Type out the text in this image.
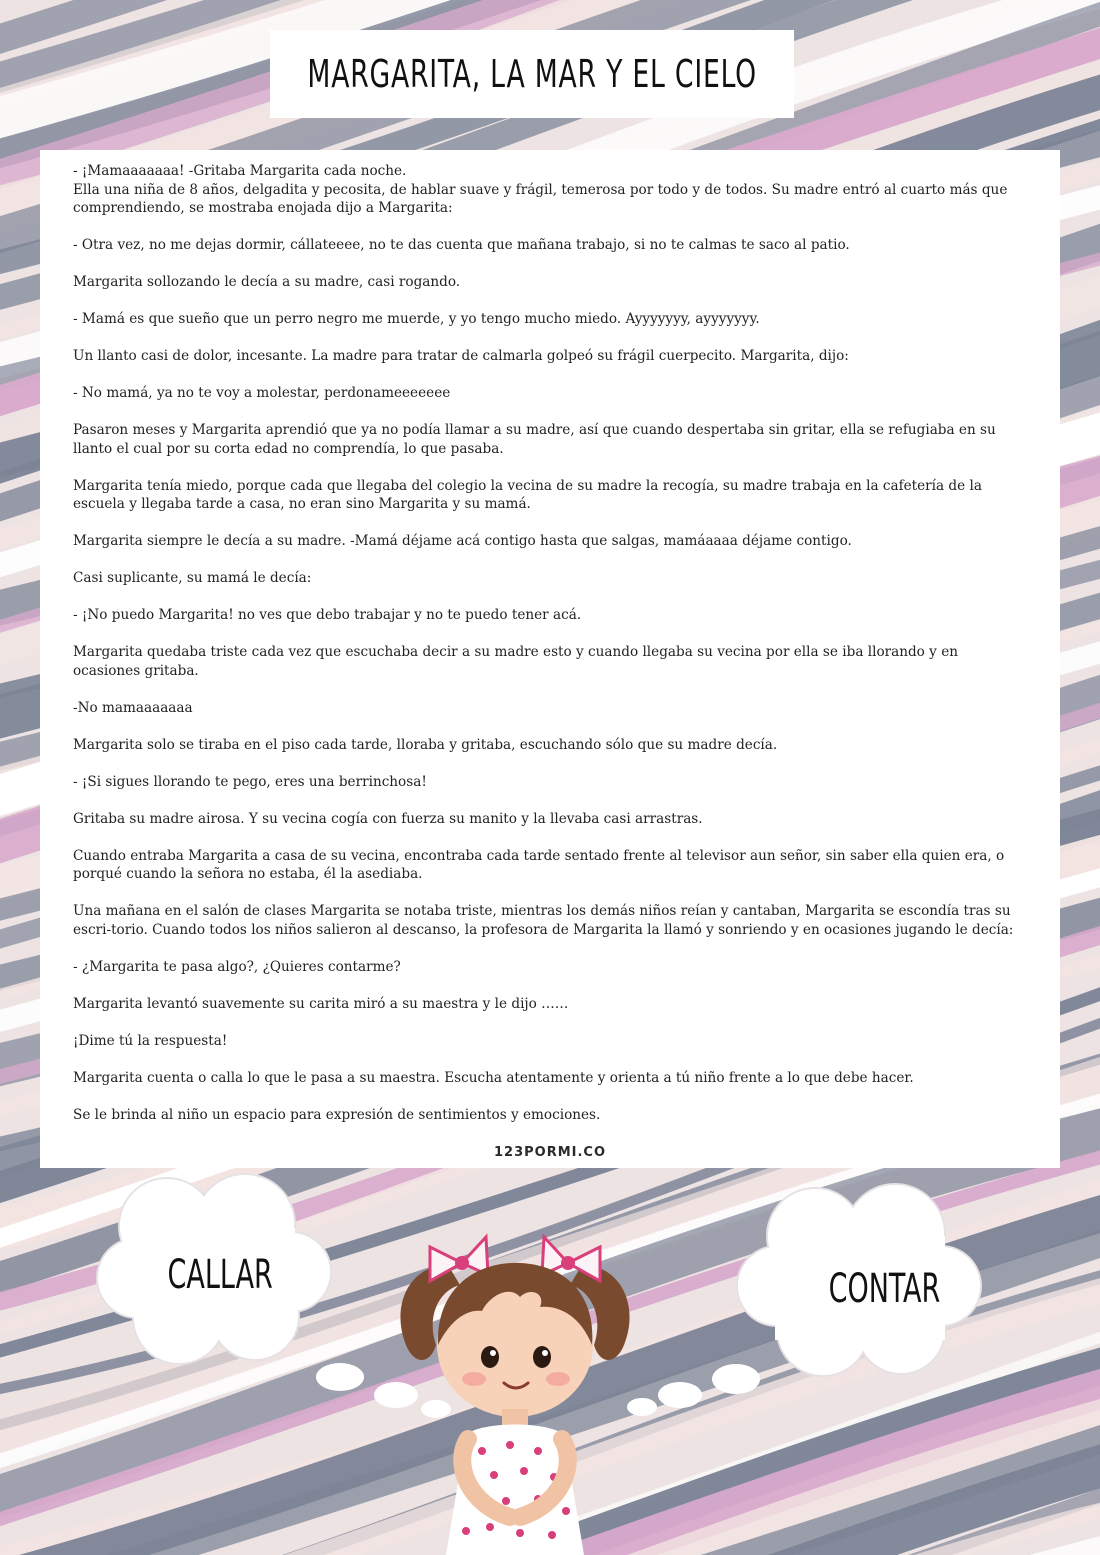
MARGARITA, LA MAR Y EL CIELO

- ¡Mamaaaaaaa! -Gritaba Margarita cada noche.

Ella una niña de 8 años, delgadita y pecosita, de hablar suave y frágil, temerosa por todo y de todos. Su madre entró al cuarto más que comprendiendo, se mostraba enojada dijo a Margarita:

- Otra vez, no me dejas dormir, cállateeee, no te das cuenta que mañana trabajo, si no te calmas te saco al patio.

Margarita sollozando le decía a su madre, casi rogando.

- Mamá es que sueño que un perro negro me muerde, y yo tengo mucho miedo. Ayyyyyyy, ayyyyyyy.

Un llanto casi de dolor, incesante. La madre para tratar de calmarla golpeó su frágil cuerpecito. Margarita, dijo:

- No mamá, ya no te voy a molestar, perdonameeeeeee

Pasaron meses y Margarita aprendió que ya no podía llamar a su madre, así que cuando despertaba sin gritar, ella se refugiaba en su llanto el cual por su corta edad no comprendía, lo que pasaba.

Margarita tenía miedo, porque cada que llegaba del colegio la vecina de su madre la recogía, su madre trabaja en la cafetería de la escuela y llegaba tarde a casa, no eran sino Margarita y su mamá.

Margarita siempre le decía a su madre. -Mamá déjame acá contigo hasta que salgas, mamáaaaa déjame contigo.

Casi suplicante, su mamá le decía:

- ¡No puedo Margarita! no ves que debo trabajar y no te puedo tener acá.

Margarita quedaba triste cada vez que escuchaba decir a su madre esto y cuando llegaba su vecina por ella se iba llorando y en ocasiones gritaba.

-No mamaaaaaaa

Margarita solo se tiraba en el piso cada tarde, lloraba y gritaba, escuchando sólo que su madre decía.

- ¡Si sigues llorando te pego, eres una berrinchosa!

Gritaba su madre airosa. Y su vecina cogía con fuerza su manito y la llevaba casi arrastras.

Cuando entraba Margarita a casa de su vecina, encontraba cada tarde sentado frente al televisor aun señor, sin saber ella quien era, o porqué cuando la señora no estaba, él la asediaba.

Una mañana en el salón de clases Margarita se notaba triste, mientras los demás niños reían y cantaban, Margarita se escondía tras su escri-torio. Cuando todos los niños salieron al descanso, la profesora de Margarita la llamó y sonriendo y en ocasiones jugando le decía:

- ¿Margarita te pasa algo?, ¿Quieres contarme?

Margarita levantó suavemente su carita miró a su maestra y le dijo ……

¡Dime tú la respuesta!

Margarita cuenta o calla lo que le pasa a su maestra. Escucha atentamente y orienta a tú niño frente a lo que debe hacer.

Se le brinda al niño un espacio para expresión de sentimientos y emociones.

123PORMI.CO
CALLAR	CONTAR
